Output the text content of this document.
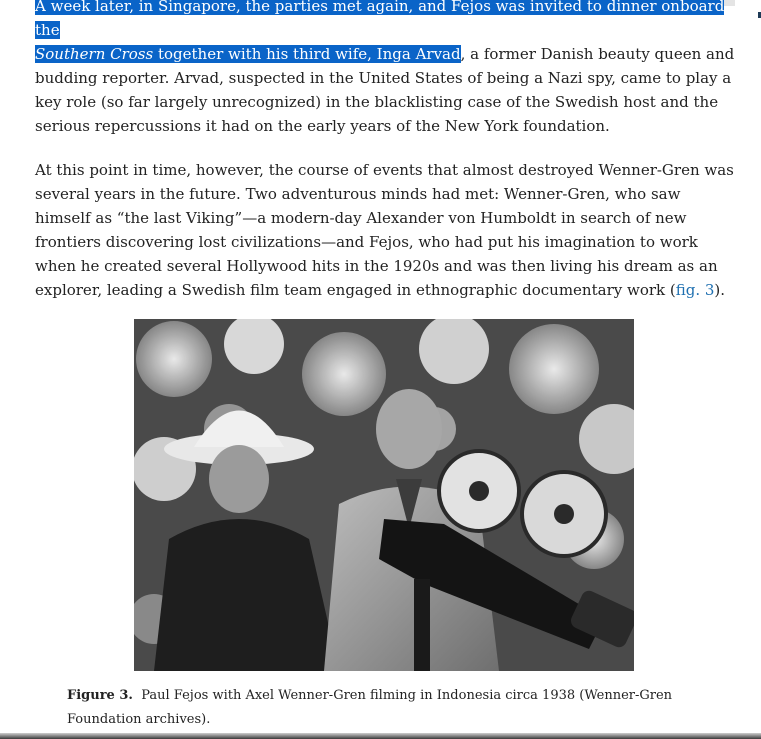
A week later, in Singapore, the parties met again, and Fejos was invited to dinner onboard the
Southern Cross together with his third wife, Inga Arvad, a former Danish beauty queen and budding reporter. Arvad, suspected in the United States of being a Nazi spy, came to play a key role (so far largely unrecognized) in the blacklisting case of the Swedish host and the serious repercussions it had on the early years of the New York foundation.

At this point in time, however, the course of events that almost destroyed Wenner-Gren was several years in the future. Two adventurous minds had met: Wenner-Gren, who saw himself as “the last Viking”—a modern-day Alexander von Humboldt in search of new frontiers discovering lost civilizations—and Fejos, who had put his imagination to work when he created several Hollywood hits in the 1920s and was then living his dream as an explorer, leading a Swedish film team engaged in ethnographic documentary work (fig. 3).

Figure 3. Paul Fejos with Axel Wenner-Gren filming in Indonesia circa 1938 (Wenner-Gren Foundation archives).
